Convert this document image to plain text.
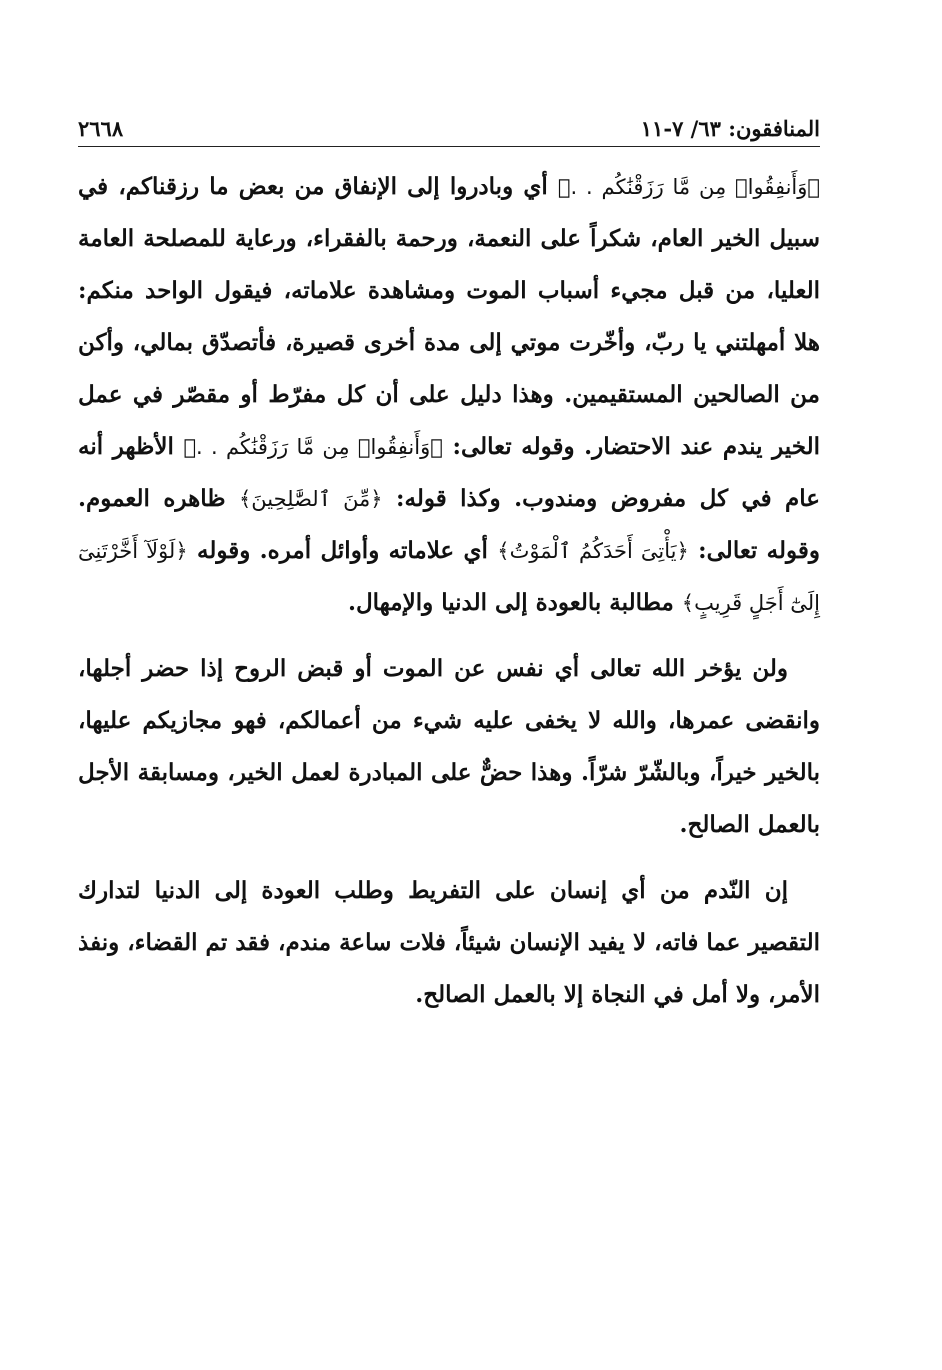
المنافقون: ٦٣/ ٧-١١
٢٦٦٨

﴿وَأَنفِقُوا۟ مِن مَّا رَزَقْنَٰكُم . .﴾ أي وبادروا إلى الإنفاق من بعض ما رزقناكم، في سبيل الخير العام، شكراً على النعمة، ورحمة بالفقراء، ورعاية للمصلحة العامة العليا، من قبل مجيء أسباب الموت ومشاهدة علاماته، فيقول الواحد منكم: هلا أمهلتني يا ربّ، وأخّرت موتي إلى مدة أخرى قصيرة، فأتصدّق بمالي، وأكن من الصالحين المستقيمين. وهذا دليل على أن كل مفرّط أو مقصّر في عمل الخير يندم عند الاحتضار. وقوله تعالى: ﴿وَأَنفِقُوا۟ مِن مَّا رَزَقْنَٰكُم . .﴾ الأظهر أنه عام في كل مفروض ومندوب. وكذا قوله: ﴿مِّنَ ٱلصَّٰلِحِينَ﴾ ظاهره العموم. وقوله تعالى: ﴿يَأْتِىَ أَحَدَكُمُ ٱلْمَوْتُ﴾ أي علاماته وأوائل أمره. وقوله ﴿لَوْلَآ أَخَّرْتَنِىٓ إِلَىٰٓ أَجَلٍ قَرِيبٍ﴾ مطالبة بالعودة إلى الدنيا والإمهال.

ولن يؤخر الله تعالى أي نفس عن الموت أو قبض الروح إذا حضر أجلها، وانقضى عمرها، والله لا يخفى عليه شيء من أعمالكم، فهو مجازيكم عليها، بالخير خيراً، وبالشّرّ شرّاً. وهذا حضٌّ على المبادرة لعمل الخير، ومسابقة الأجل بالعمل الصالح.

إن النّدم من أي إنسان على التفريط وطلب العودة إلى الدنيا لتدارك التقصير عما فاته، لا يفيد الإنسان شيئاً، فلات ساعة مندم، فقد تم القضاء، ونفذ الأمر، ولا أمل في النجاة إلا بالعمل الصالح.
